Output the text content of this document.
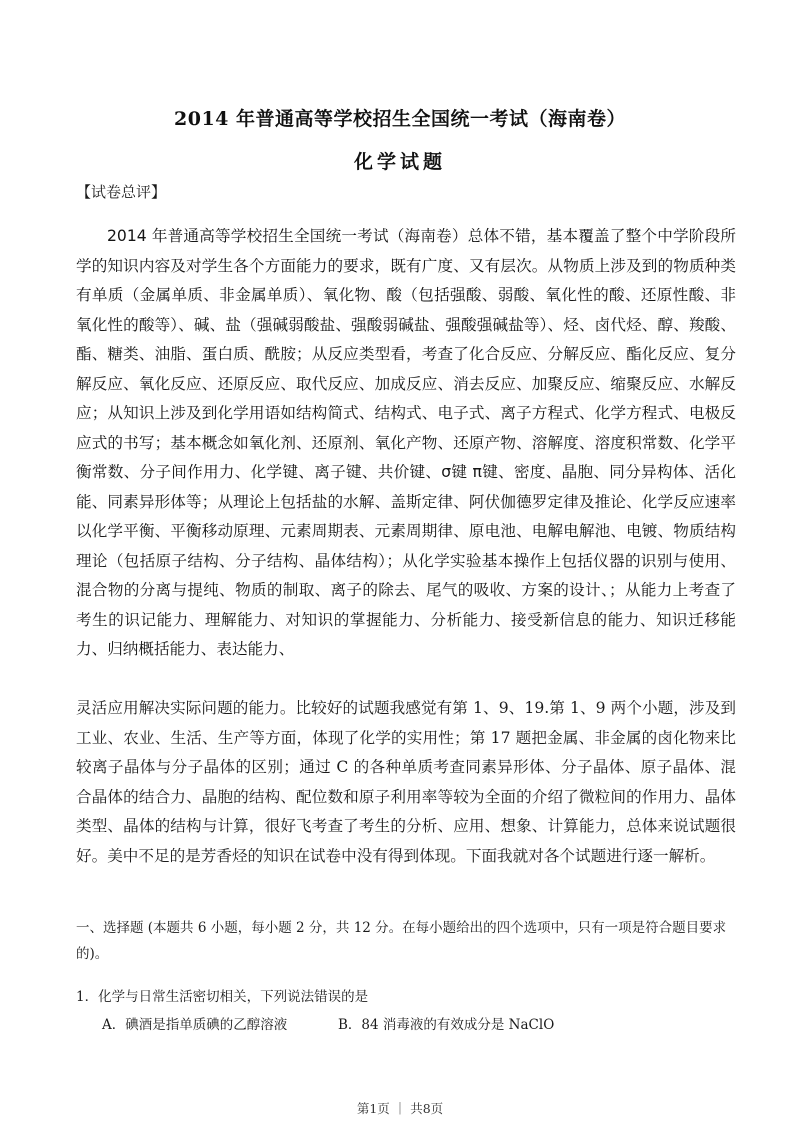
2014 年普通高等学校招生全国统一考试（海南卷）
化学试题
【试卷总评】

2014 年普通高等学校招生全国统一考试（海南卷）总体不错，基本覆盖了整个中学阶段所学的知识内容及对学生各个方面能力的要求，既有广度、又有层次。从物质上涉及到的物质种类有单质（金属单质、非金属单质）、氧化物、酸（包括强酸、弱酸、氧化性的酸、还原性酸、非氧化性的酸等）、碱、盐（强碱弱酸盐、强酸弱碱盐、强酸强碱盐等）、烃、卤代烃、醇、羧酸、酯、糖类、油脂、蛋白质、酰胺；从反应类型看，考查了化合反应、分解反应、酯化反应、复分解反应、氧化反应、还原反应、取代反应、加成反应、消去反应、加聚反应、缩聚反应、水解反应；从知识上涉及到化学用语如结构简式、结构式、电子式、离子方程式、化学方程式、电极反应式的书写；基本概念如氧化剂、还原剂、氧化产物、还原产物、溶解度、溶度积常数、化学平衡常数、分子间作用力、化学键、离子键、共价键、σ键 π键、密度、晶胞、同分异构体、活化能、同素异形体等；从理论上包括盐的水解、盖斯定律、阿伏伽德罗定律及推论、化学反应速率以化学平衡、平衡移动原理、元素周期表、元素周期律、原电池、电解电解池、电镀、物质结构理论（包括原子结构、分子结构、晶体结构）；从化学实验基本操作上包括仪器的识别与使用、混合物的分离与提纯、物质的制取、离子的除去、尾气的吸收、方案的设计、；从能力上考查了考生的识记能力、理解能力、对知识的掌握能力、分析能力、接受新信息的能力、知识迁移能力、归纳概括能力、表达能力、

灵活应用解决实际问题的能力。比较好的试题我感觉有第 1、9、19.第 1、9 两个小题，涉及到工业、农业、生活、生产等方面，体现了化学的实用性；第 17 题把金属、非金属的卤化物来比较离子晶体与分子晶体的区别；通过 C 的各种单质考查同素异形体、分子晶体、原子晶体、混合晶体的结合力、晶胞的结构、配位数和原子利用率等较为全面的介绍了微粒间的作用力、晶体类型、晶体的结构与计算，很好飞考查了考生的分析、应用、想象、计算能力，总体来说试题很好。美中不足的是芳香烃的知识在试卷中没有得到体现。下面我就对各个试题进行逐一解析。

一、选择题 (本题共 6 小题，每小题 2 分，共 12 分。在每小题给出的四个选项中，只有一项是符合题目要求的)。
1．化学与日常生活密切相关，下列说法错误的是
A．碘酒是指单质碘的乙醇溶液	B．84 消毒液的有效成分是 NaClO
第1页 ｜ 共8页
